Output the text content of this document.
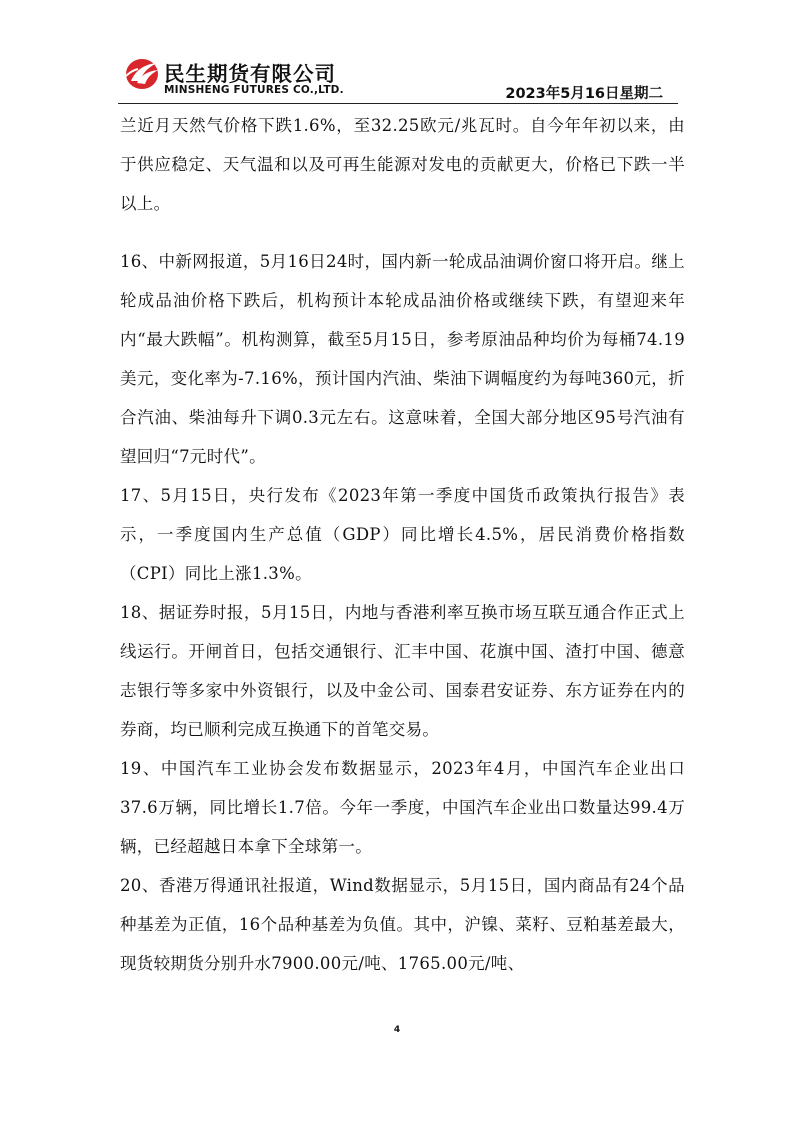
民生期货有限公司
MINSHENG FUTURES CO.,LTD.	2023年5月16日星期二

兰近月天然气价格下跌1.6%，至32.25欧元/兆瓦时。自今年年初以来，由于供应稳定、天气温和以及可再生能源对发电的贡献更大，价格已下跌一半以上。

16、中新网报道，5月16日24时，国内新一轮成品油调价窗口将开启。继上轮成品油价格下跌后，机构预计本轮成品油价格或继续下跌，有望迎来年内“最大跌幅”。机构测算，截至5月15日，参考原油品种均价为每桶74.19美元，变化率为-7.16%，预计国内汽油、柴油下调幅度约为每吨360元，折合汽油、柴油每升下调0.3元左右。这意味着，全国大部分地区95号汽油有望回归“7元时代”。

17、5月15日，央行发布《2023年第一季度中国货币政策执行报告》表示，一季度国内生产总值（GDP）同比增长4.5%，居民消费价格指数（CPI）同比上涨1.3%。

18、据证券时报，5月15日，内地与香港利率互换市场互联互通合作正式上线运行。开闸首日，包括交通银行、汇丰中国、花旗中国、渣打中国、德意志银行等多家中外资银行，以及中金公司、国泰君安证券、东方证券在内的券商，均已顺利完成互换通下的首笔交易。

19、中国汽车工业协会发布数据显示，2023年4月，中国汽车企业出口37.6万辆，同比增长1.7倍。今年一季度，中国汽车企业出口数量达99.4万辆，已经超越日本拿下全球第一。

20、香港万得通讯社报道，Wind数据显示，5月15日，国内商品有24个品种基差为正值，16个品种基差为负值。其中，沪镍、菜籽、豆粕基差最大，现货较期货分别升水7900.00元/吨、1765.00元/吨、

4
